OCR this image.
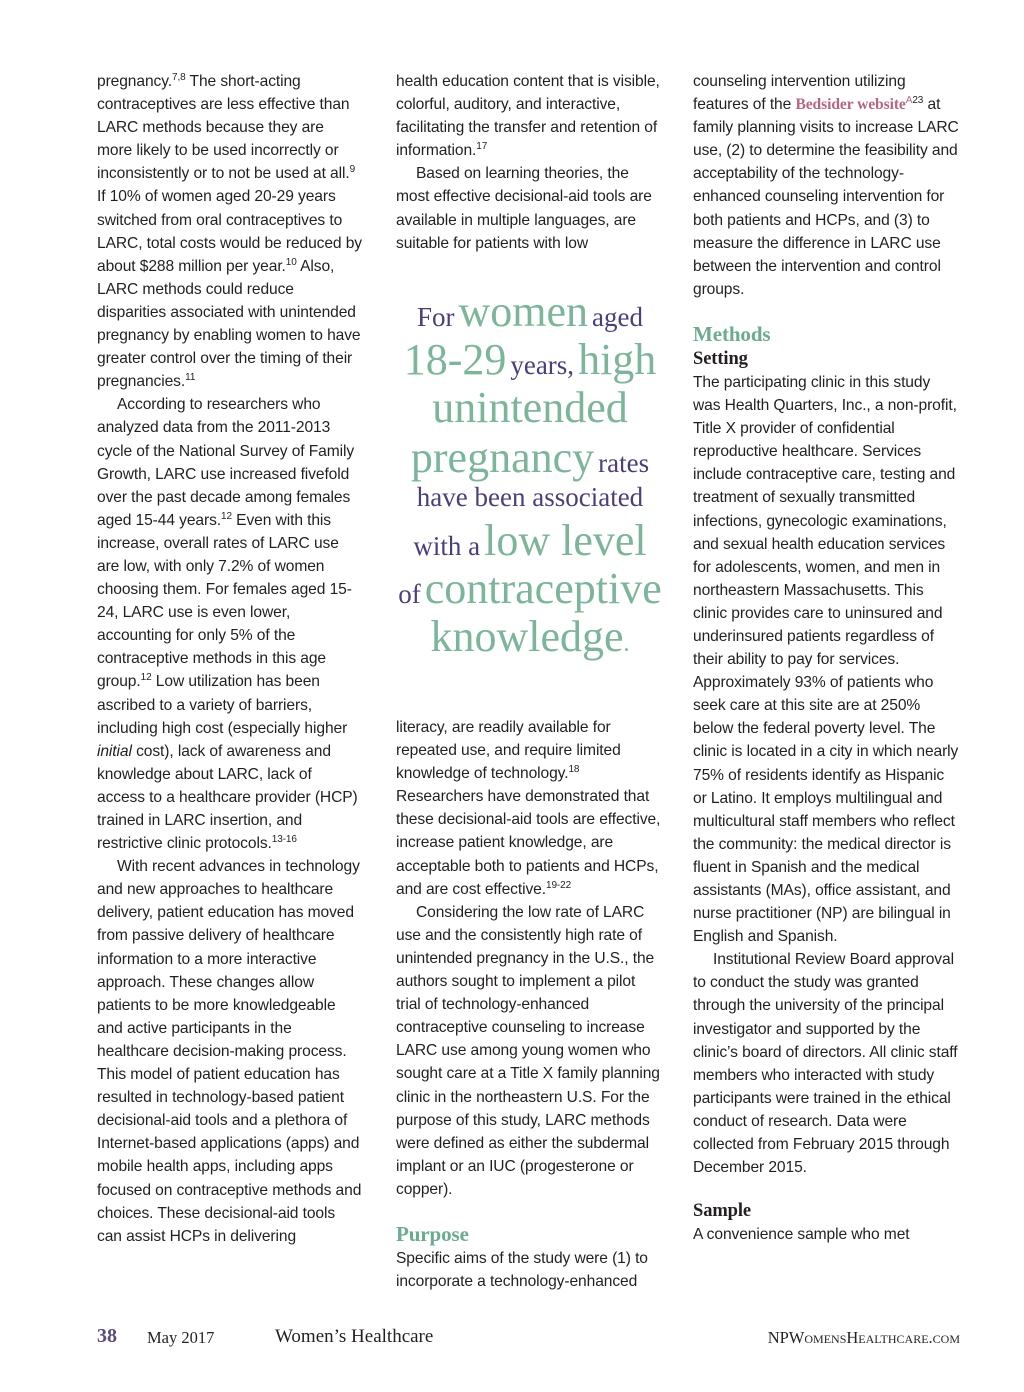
pregnancy.$^{7,8}$ The short-acting contraceptives are less effective than LARC methods because they are more likely to be used incorrectly or inconsistently or to not be used at all.$^9$ If 10% of women aged 20-29 years switched from oral contraceptives to LARC, total costs would be reduced by about $288 million per year.$^{10}$ Also, LARC methods could reduce disparities associated with unintended pregnancy by enabling women to have greater control over the timing of their pregnancies.$^{11}$

According to researchers who analyzed data from the 2011-2013 cycle of the National Survey of Family Growth, LARC use increased fivefold over the past decade among females aged 15-44 years.$^{12}$ Even with this increase, overall rates of LARC use are low, with only 7.2% of women choosing them. For females aged 15-24, LARC use is even lower, accounting for only 5% of the contraceptive methods in this age group.$^{12}$ Low utilization has been ascribed to a variety of barriers, including high cost (especially higher initial cost), lack of awareness and knowledge about LARC, lack of access to a healthcare provider (HCP) trained in LARC insertion, and restrictive clinic protocols.$^{13-16}$

With recent advances in technology and new approaches to healthcare delivery, patient education has moved from passive delivery of healthcare information to a more interactive approach. These changes allow patients to be more knowledgeable and active participants in the healthcare decision-making process. This model of patient education has resulted in technology-based patient decisional-aid tools and a plethora of Internet-based applications (apps) and mobile health apps, including apps focused on contraceptive methods and choices. These decisional-aid tools can assist HCPs in delivering

health education content that is visible, colorful, auditory, and interactive, facilitating the transfer and retention of information.$^{17}$

Based on learning theories, the most effective decisional-aid tools are available in multiple languages, are suitable for patients with low

For women aged
18-29 years, high
unintended
pregnancy rates
have been associated
with a low level
of contraceptive
knowledge.

literacy, are readily available for repeated use, and require limited knowledge of technology.$^{18}$ Researchers have demonstrated that these decisional-aid tools are effective, increase patient knowledge, are acceptable both to patients and HCPs, and are cost effective.$^{19-22}$

Considering the low rate of LARC use and the consistently high rate of unintended pregnancy in the U.S., the authors sought to implement a pilot trial of technology-enhanced contraceptive counseling to increase LARC use among young women who sought care at a Title X family planning clinic in the northeastern U.S. For the purpose of this study, LARC methods were defined as either the subdermal implant or an IUC (progesterone or copper).

Purpose

Specific aims of the study were (1) to incorporate a technology-enhanced

counseling intervention utilizing features of the Bedsider website$^{A23}$ at family planning visits to increase LARC use, (2) to determine the feasibility and acceptability of the technology-enhanced counseling intervention for both patients and HCPs, and (3) to measure the difference in LARC use between the intervention and control groups.

Methods

Setting

The participating clinic in this study was Health Quarters, Inc., a non-profit, Title X provider of confidential reproductive healthcare. Services include contraceptive care, testing and treatment of sexually transmitted infections, gynecologic examinations, and sexual health education services for adolescents, women, and men in northeastern Massachusetts. This clinic provides care to uninsured and underinsured patients regardless of their ability to pay for services. Approximately 93% of patients who seek care at this site are at 250% below the federal poverty level. The clinic is located in a city in which nearly 75% of residents identify as Hispanic or Latino. It employs multilingual and multicultural staff members who reflect the community: the medical director is fluent in Spanish and the medical assistants (MAs), office assistant, and nurse practitioner (NP) are bilingual in English and Spanish.

Institutional Review Board approval to conduct the study was granted through the university of the principal investigator and supported by the clinic’s board of directors. All clinic staff members who interacted with study participants were trained in the ethical conduct of research. Data were collected from February 2015 through December 2015.

Sample

A convenience sample who met

38 May 2017	Women’s Healthcare	NPWomensHealthcare.com
